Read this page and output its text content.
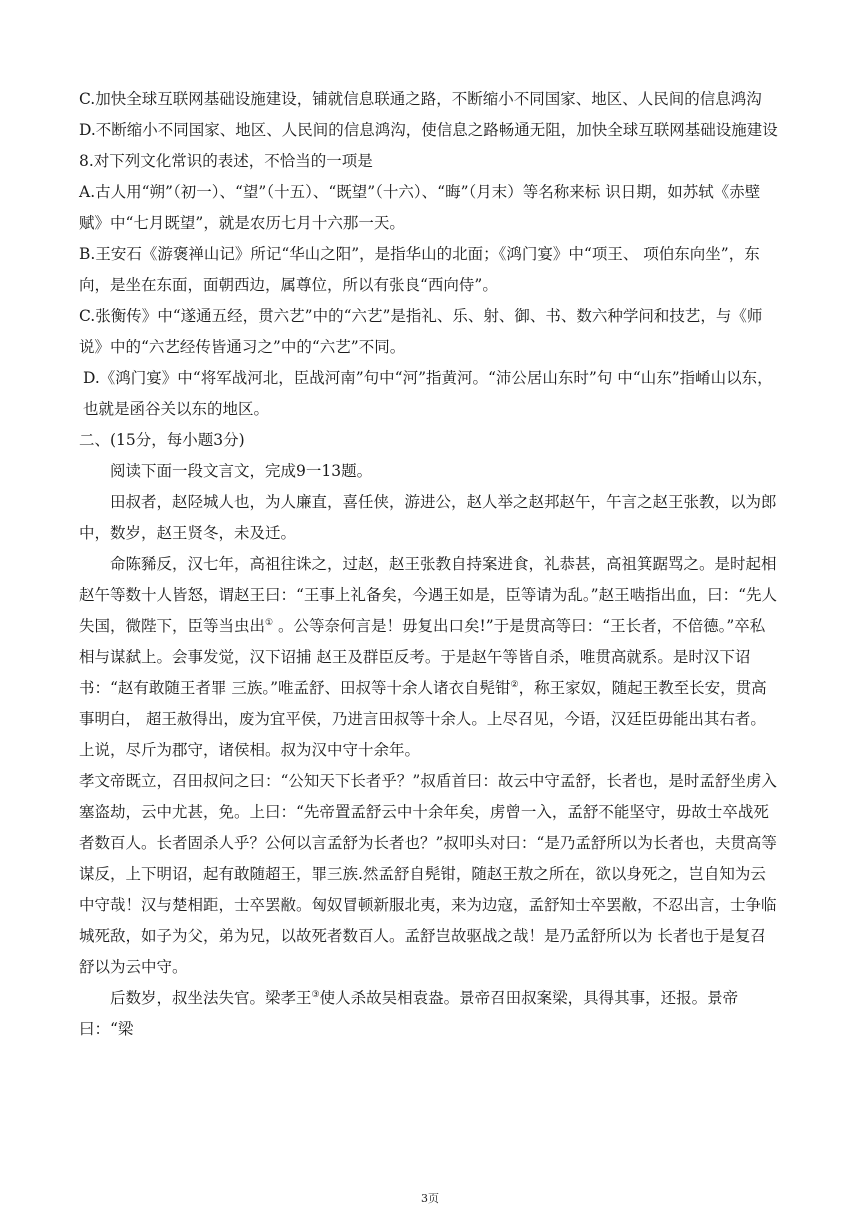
C.加快全球互联网基础设施建设，铺就信息联通之路，不断缩小不同国家、地区、人民间的信息鸿沟

D.不断缩小不同国家、地区、人民间的信息鸿沟，使信息之路畅通无阻，加快全球互联网基础设施建设

8.对下列文化常识的表述，不恰当的一项是

A.古人用“朔”（初一）、“望”（十五）、“既望”（十六）、“晦”（月末）等名称来标 识日期，如苏轼《赤壁赋》中“七月既望”，就是农历七月十六那一天。

B.王安石《游褒禅山记》所记“华山之阳”，是指华山的北面；《鸿门宴》中“项王、 项伯东向坐”，东向，是坐在东面，面朝西边，属尊位，所以有张良“西向侍”。

C.张衡传》中“遂通五经，贯六艺”中的“六艺”是指礼、乐、射、御、书、数六种学问和技艺，与《师说》中的“六艺经传皆通习之”中的“六艺”不同。

D.《鸿门宴》中“将军战河北，臣战河南”句中“河”指黄河。“沛公居山东时”句 中“山东”指崤山以东，也就是函谷关以东的地区。

二、(15分，每小题3分)

阅读下面一段文言文，完成9一13题。

田叔者，赵陉城人也，为人廉直，喜任侠，游进公，赵人举之赵邦赵午，午言之赵王张教，以为郎中，数岁，赵王贤冬，未及迁。

命陈豨反，汉七年，高祖往诛之，过赵，赵王张教自持案进食，礼恭甚，高祖箕踞骂之。是时起相赵午等数十人皆怒，谓赵王曰：“王事上礼备矣，今遇王如是，臣等请为乱。”赵王啮指出血，曰：“先人失国，微陛下，臣等当虫出① 。公等奈何言是！毋复出口矣!”于是贯高等曰：“王长者，不倍德。”卒私相与谋弑上。会事发觉，汉下诏捕 赵王及群臣反考。于是赵午等皆自杀，唯贯高就系。是时汉下诏书：“赵有敢随王者罪 三族。”唯孟舒、田叔等十余人诸衣自髡钳②，称王家奴，随起王教至长安，贯高事明白， 超王赦得出，废为宜平侯，乃进言田叔等十余人。上尽召见，今语，汉廷臣毋能出其右者。上说，尽斤为郡守，诸侯相。叔为汉中守十余年。

孝文帝既立，召田叔问之曰：“公知天下长者乎？”叔盾首曰：故云中守孟舒，长者也，是时孟舒坐虏入塞盗劫，云中尤甚，免。上曰：“先帝置孟舒云中十余年矣，虏曾一入，孟舒不能坚守，毋故士卒战死者数百人。长者固杀人乎？公何以言孟舒为长者也？”叔叩头对曰：“是乃孟舒所以为长者也，夫贯高等谋反，上下明诏，起有敢随超王，罪三族.然孟舒自髡钳，随赵王敖之所在，欲以身死之，岂自知为云中守哉！汉与楚相距，士卒罢敝。匈奴冒顿新服北夷，来为边寇，孟舒知士卒罢敝，不忍出言，士争临城死敌，如子为父，弟为兄，以故死者数百人。孟舒岂故驱战之哉！是乃孟舒所以为 长者也于是复召舒以为云中守。

后数岁，叔坐法失官。梁孝王③使人杀故吴相袁盎。景帝召田叔案梁，具得其事，还报。景帝曰：“梁

3页
